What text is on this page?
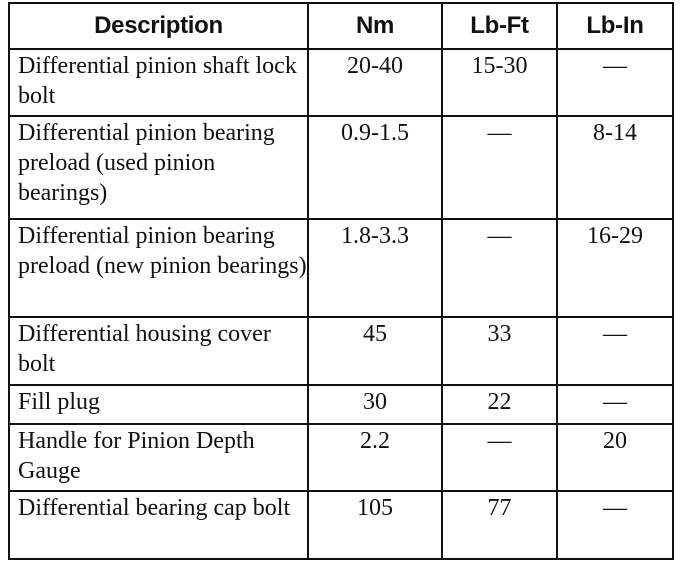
Description	Nm	Lb-Ft	Lb-In
Differential pinion shaft lock bolt	20-40	15-30	—
Differential pinion bearing preload (used pinion bearings)	0.9-1.5	—	8-14
Differential pinion bearing preload (new pinion bearings)	1.8-3.3	—	16-29
Differential housing cover bolt	45	33	—
Fill plug	30	22	—
Handle for Pinion Depth Gauge	2.2	—	20
Differential bearing cap bolt	105	77	—
